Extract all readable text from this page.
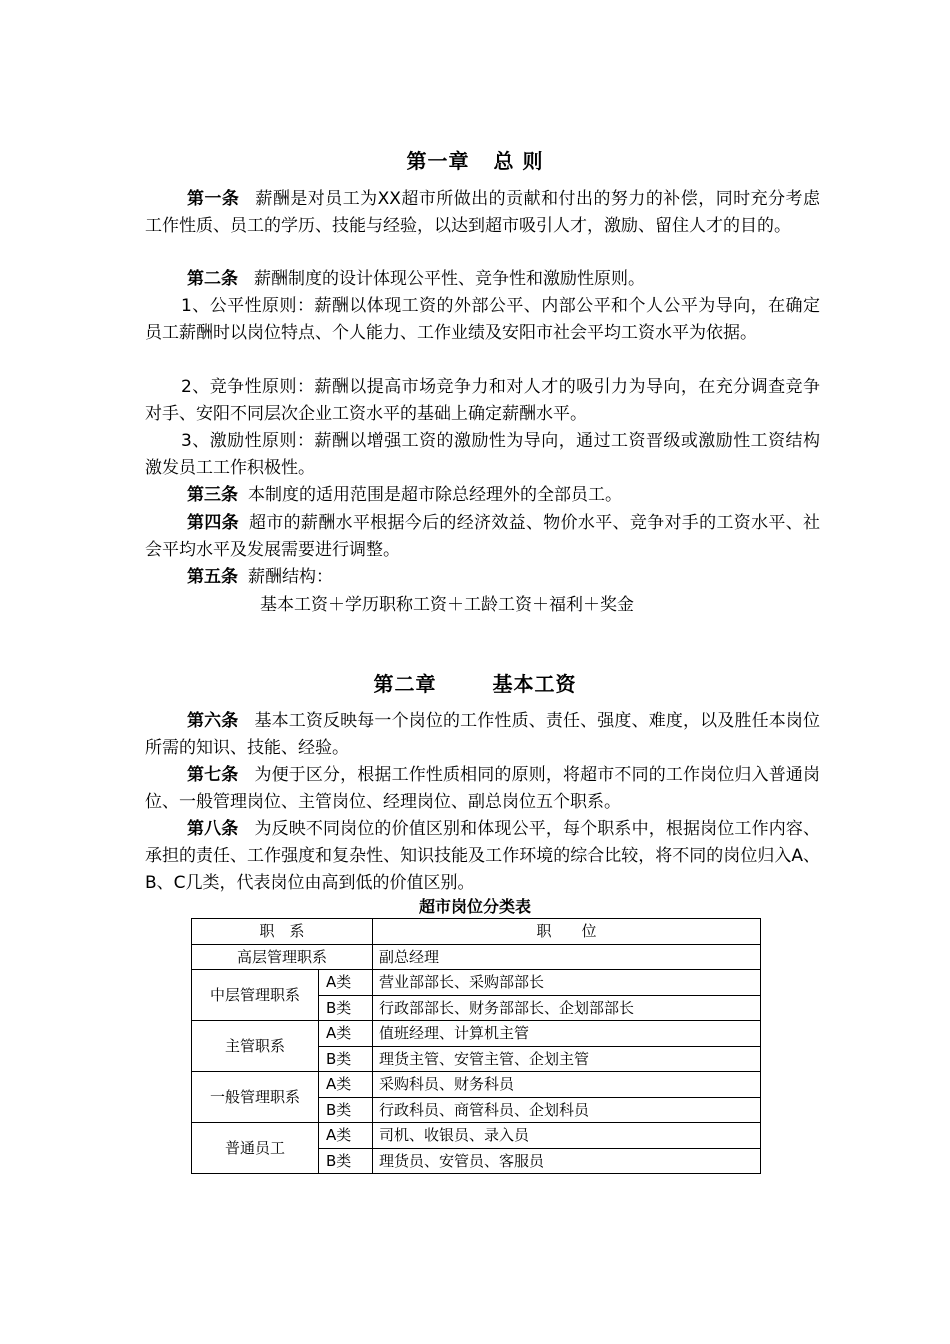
第一章 总 则
第一条 薪酬是对员工为XX超市所做出的贡献和付出的努力的补偿，同时充分考虑工作性质、员工的学历、技能与经验，以达到超市吸引人才，激励、留住人才的目的。
第二条 薪酬制度的设计体现公平性、竞争性和激励性原则。
1、公平性原则：薪酬以体现工资的外部公平、内部公平和个人公平为导向，在确定员工薪酬时以岗位特点、个人能力、工作业绩及安阳市社会平均工资水平为依据。
2、竞争性原则：薪酬以提高市场竞争力和对人才的吸引力为导向，在充分调查竞争对手、安阳不同层次企业工资水平的基础上确定薪酬水平。
3、激励性原则：薪酬以增强工资的激励性为导向，通过工资晋级或激励性工资结构激发员工工作积极性。
第三条 本制度的适用范围是超市除总经理外的全部员工。
第四条 超市的薪酬水平根据今后的经济效益、物价水平、竞争对手的工资水平、社会平均水平及发展需要进行调整。
第五条 薪酬结构：
基本工资＋学历职称工资＋工龄工资＋福利＋奖金
第二章	基本工资
第六条 基本工资反映每一个岗位的工作性质、责任、强度、难度，以及胜任本岗位所需的知识、技能、经验。
第七条 为便于区分，根据工作性质相同的原则，将超市不同的工作岗位归入普通岗位、一般管理岗位、主管岗位、经理岗位、副总岗位五个职系。
第八条 为反映不同岗位的价值区别和体现公平，每个职系中，根据岗位工作内容、承担的责任、工作强度和复杂性、知识技能及工作环境的综合比较，将不同的岗位归入A、B、C几类，代表岗位由高到低的价值区别。
超市岗位分类表
职　系		职　　位
高层管理职系		副总经理
中层管理职系	A类	营业部部长、采购部部长
	B类	行政部部长、财务部部长、企划部部长
主管职系	A类	值班经理、计算机主管
	B类	理货主管、安管主管、企划主管
一般管理职系	A类	采购科员、财务科员
	B类	行政科员、商管科员、企划科员
普通员工	A类	司机、收银员、录入员
	B类	理货员、安管员、客服员
